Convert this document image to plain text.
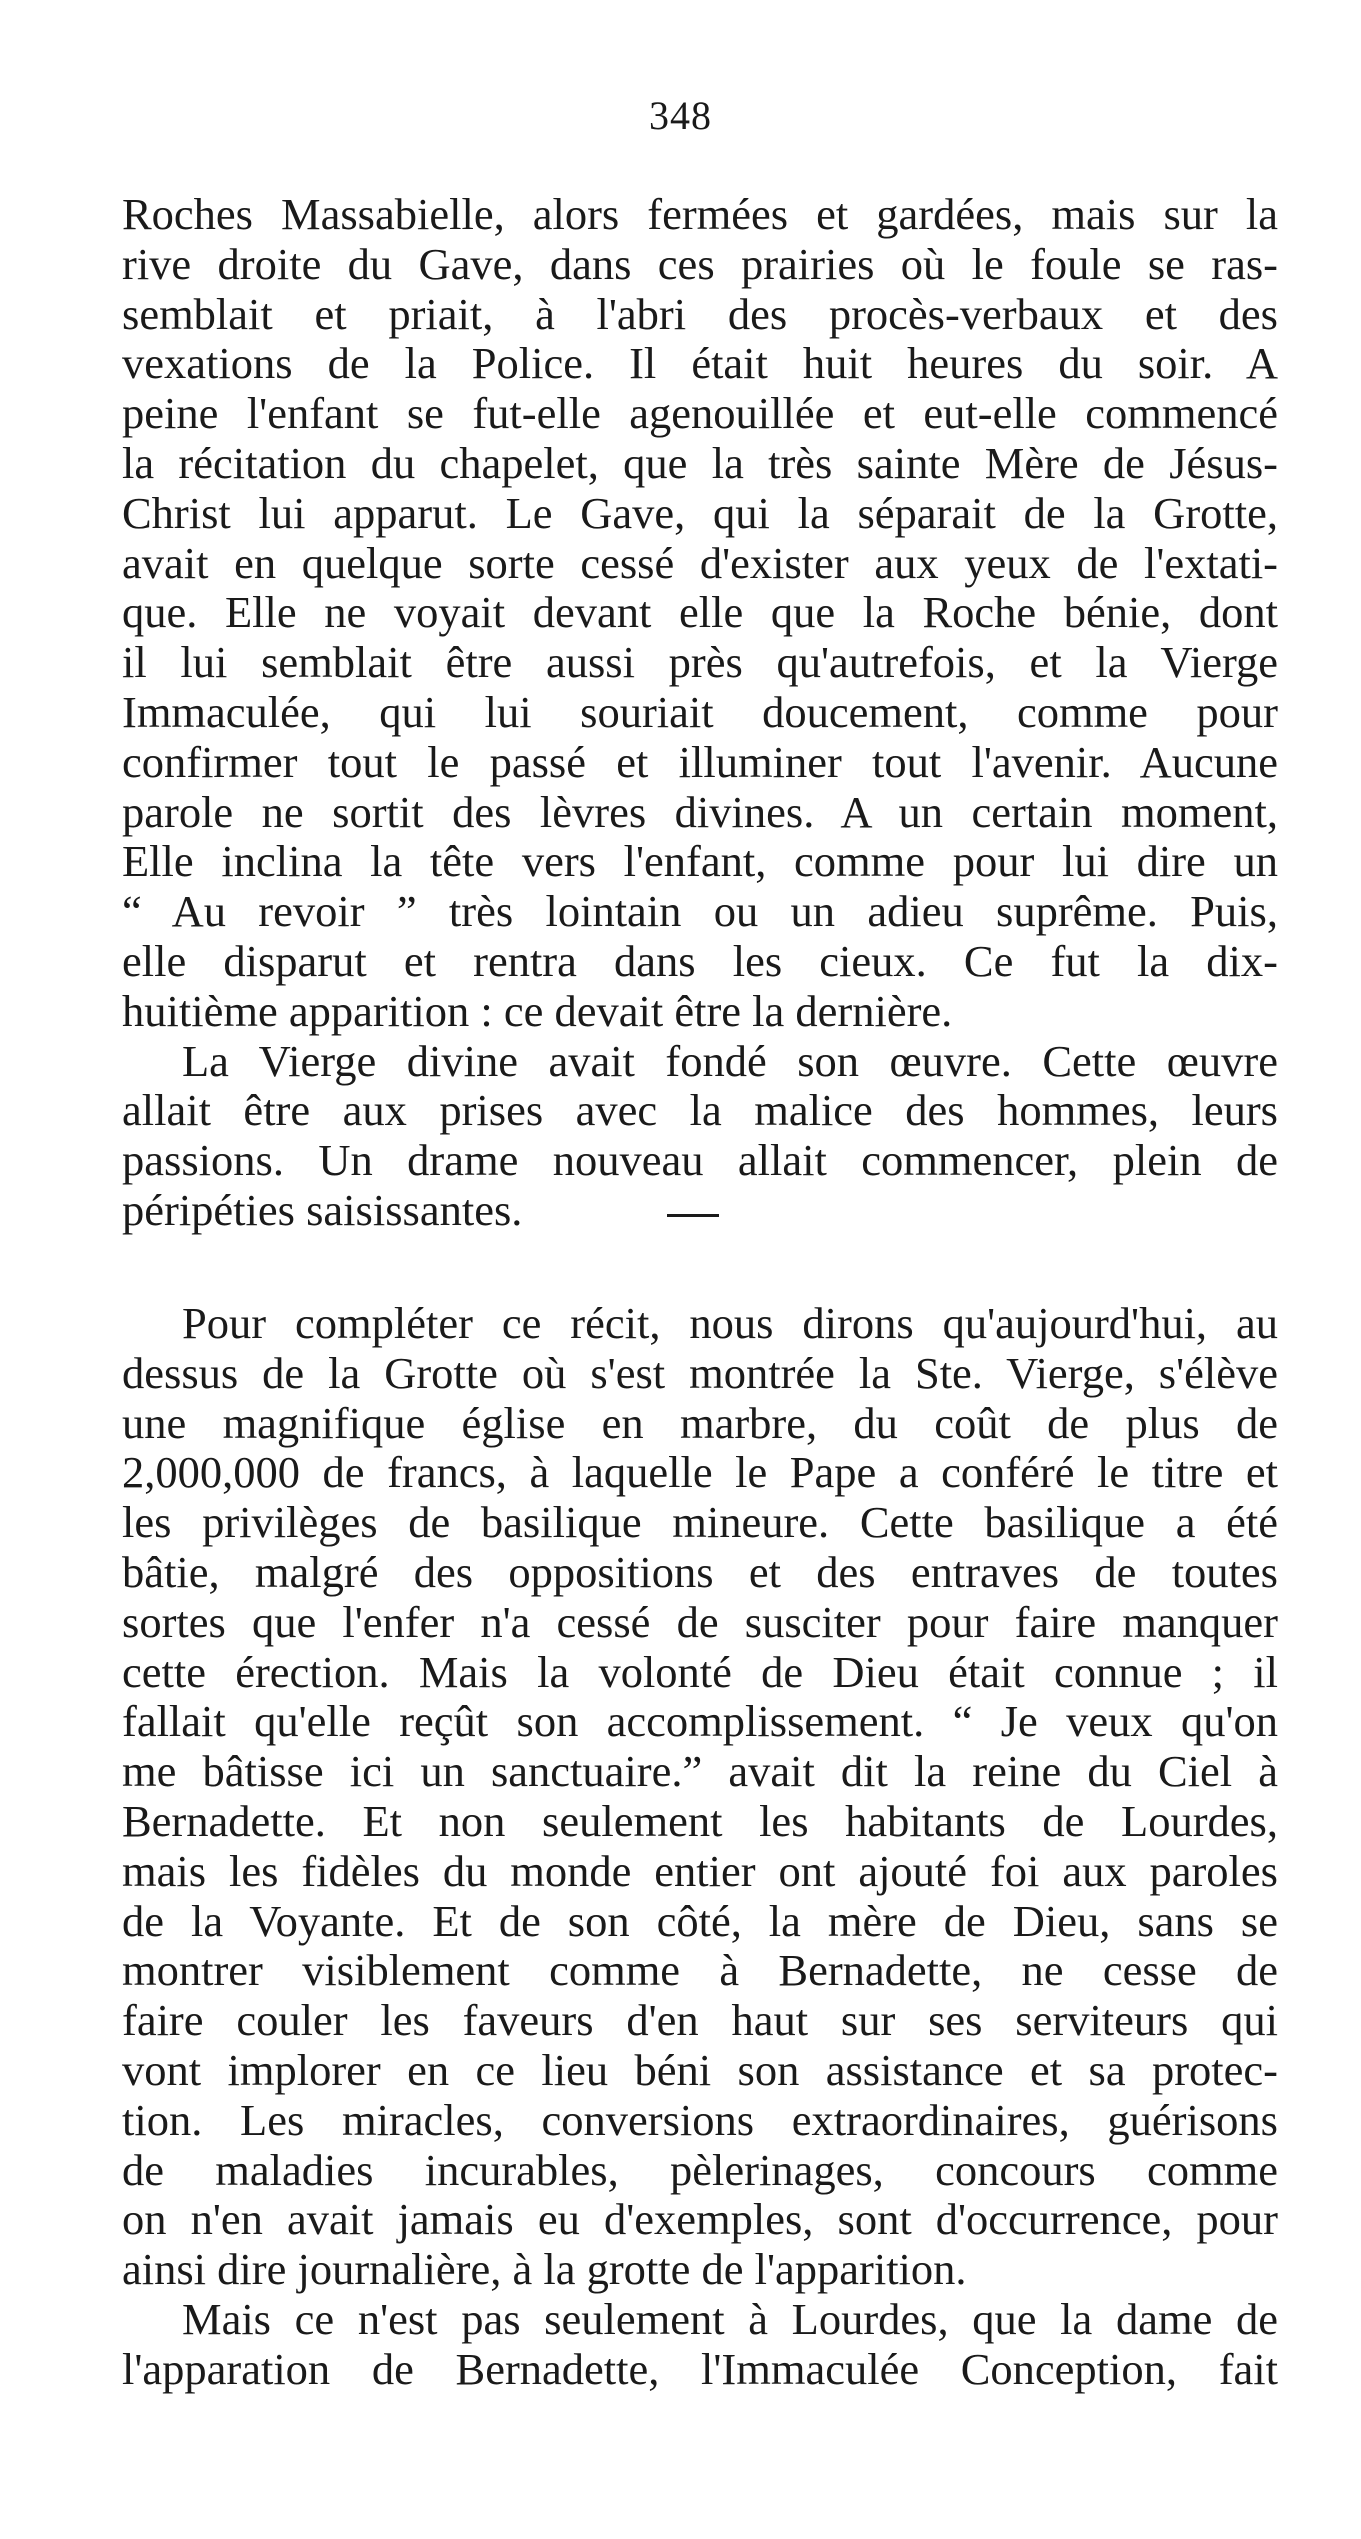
348
Roches Massabielle, alors fermées et gardées, mais sur la
rive droite du Gave, dans ces prairies où le foule se ras-
semblait et priait, à l'abri des procès-verbaux et des
vexations de la Police. Il était huit heures du soir. A
peine l'enfant se fut-elle agenouillée et eut-elle commencé
la récitation du chapelet, que la très sainte Mère de Jésus-
Christ lui apparut. Le Gave, qui la séparait de la Grotte,
avait en quelque sorte cessé d'exister aux yeux de l'extati-
que. Elle ne voyait devant elle que la Roche bénie, dont
il lui semblait être aussi près qu'autrefois, et la Vierge
Immaculée, qui lui souriait doucement, comme pour
confirmer tout le passé et illuminer tout l'avenir. Aucune
parole ne sortit des lèvres divines. A un certain moment,
Elle inclina la tête vers l'enfant, comme pour lui dire un
“ Au revoir ” très lointain ou un adieu suprême. Puis,
elle disparut et rentra dans les cieux. Ce fut la dix-
huitième apparition : ce devait être la dernière.
La Vierge divine avait fondé son œuvre. Cette œuvre
allait être aux prises avec la malice des hommes, leurs
passions. Un drame nouveau allait commencer, plein de
péripéties saisissantes.
Pour compléter ce récit, nous dirons qu'aujourd'hui, au
dessus de la Grotte où s'est montrée la Ste. Vierge, s'élève
une magnifique église en marbre, du coût de plus de
2,000,000 de francs, à laquelle le Pape a conféré le titre et
les privilèges de basilique mineure. Cette basilique a été
bâtie, malgré des oppositions et des entraves de toutes
sortes que l'enfer n'a cessé de susciter pour faire manquer
cette érection. Mais la volonté de Dieu était connue ; il
fallait qu'elle reçût son accomplissement. “ Je veux qu'on
me bâtisse ici un sanctuaire.” avait dit la reine du Ciel à
Bernadette. Et non seulement les habitants de Lourdes,
mais les fidèles du monde entier ont ajouté foi aux paroles
de la Voyante. Et de son côté, la mère de Dieu, sans se
montrer visiblement comme à Bernadette, ne cesse de
faire couler les faveurs d'en haut sur ses serviteurs qui
vont implorer en ce lieu béni son assistance et sa protec-
tion. Les miracles, conversions extraordinaires, guérisons
de maladies incurables, pèlerinages, concours comme
on n'en avait jamais eu d'exemples, sont d'occurrence, pour
ainsi dire journalière, à la grotte de l'apparition.
Mais ce n'est pas seulement à Lourdes, que la dame de
l'apparation de Bernadette, l'Immaculée Conception, fait
